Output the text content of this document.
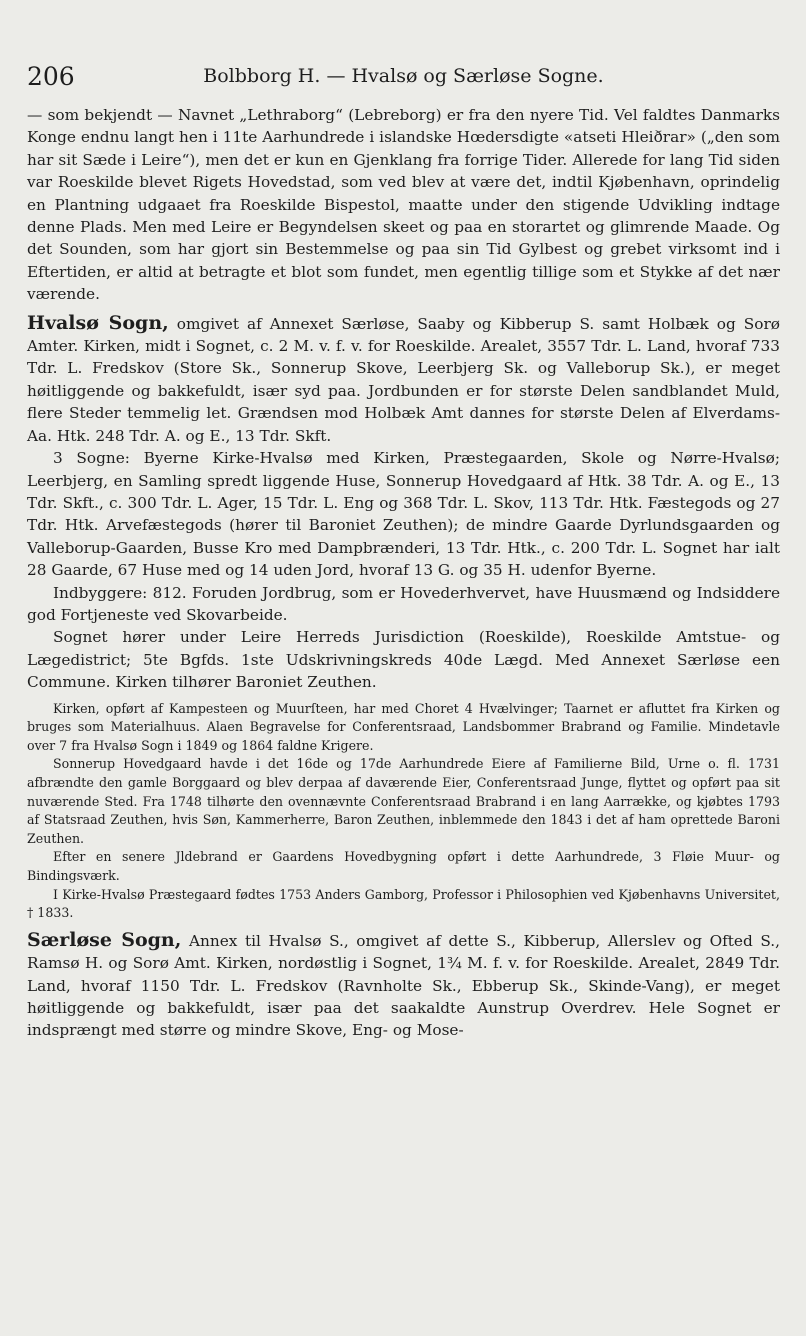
206	Bolbborg H. — Hvalsø og Særløse Sogne.

— som bekjendt — Navnet „Lethraborg“ (Lebreborg) er fra den nyere Tid. Vel faldtes Danmarks Konge endnu langt hen i 11te Aarhundrede i islandske Hœdersdigte «atseti Hleiðrar» („den som har sit Sæde i Leire“), men det er kun en Gjenklang fra forrige Tider. Allerede for lang Tid siden var Roeskilde blevet Rigets Hovedstad, som ved blev at være det, indtil Kjøbenhavn, oprindelig en Plantning udgaaet fra Roeskilde Bispestol, maatte under den stigende Udvikling indtage denne Plads. Men med Leire er Begyndelsen skeet og paa en storartet og glimrende Maade. Og det Sounden, som har gjort sin Bestemmelse og paa sin Tid Gylbest og grebet virksomt ind i Eftertiden, er altid at betragte et blot som fundet, men egentlig tillige som et Stykke af det nær værende.

Hvalsø Sogn, omgivet af Annexet Særløse, Saaby og Kibberup S. samt Holbæk og Sorø Amter. Kirken, midt i Sognet, c. 2 M. v. f. v. for Roeskilde. Arealet, 3557 Tdr. L. Land, hvoraf 733 Tdr. L. Fredskov (Store Sk., Sonnerup Skove, Leerbjerg Sk. og Valleborup Sk.), er meget høitliggende og bakkefuldt, især syd paa. Jordbunden er for største Delen sandblandet Muld, flere Steder temmelig let. Grændsen mod Holbæk Amt dannes for største Delen af Elverdams-Aa. Htk. 248 Tdr. A. og E., 13 Tdr. Skft.

3 Sogne: Byerne Kirke-Hvalsø med Kirken, Præstegaarden, Skole og Nørre-Hvalsø; Leerbjerg, en Samling spredt liggende Huse, Sonnerup Hovedgaard af Htk. 38 Tdr. A. og E., 13 Tdr. Skft., c. 300 Tdr. L. Ager, 15 Tdr. L. Eng og 368 Tdr. L. Skov, 113 Tdr. Htk. Fæstegods og 27 Tdr. Htk. Arvefæstegods (hører til Baroniet Zeuthen); de mindre Gaarde Dyrlundsgaarden og Valleborup-Gaarden, Busse Kro med Dampbrænderi, 13 Tdr. Htk., c. 200 Tdr. L. Sognet har ialt 28 Gaarde, 67 Huse med og 14 uden Jord, hvoraf 13 G. og 35 H. udenfor Byerne.

Indbyggere: 812. Foruden Jordbrug, som er Hovederhvervet, have Huusmænd og Indsiddere god Fortjeneste ved Skovarbeide.

Sognet hører under Leire Herreds Jurisdiction (Roeskilde), Roeskilde Amtstue- og Lægedistrict; 5te Bgfds. 1ste Udskrivningskreds 40de Lægd. Med Annexet Særløse een Commune. Kirken tilhører Baroniet Zeuthen.

Kirken, opført af Kampesteen og Muurſteen, har med Choret 4 Hvælvinger; Taarnet er afluttet fra Kirken og bruges som Materialhuus. Alaen Begravelse for Conferentsraad, Landsbommer Brabrand og Familie. Mindetavle over 7 fra Hvalsø Sogn i 1849 og 1864 faldne Krigere.

Sonnerup Hovedgaard havde i det 16de og 17de Aarhundrede Eiere af Familierne Bild, Urne o. fl. 1731 afbrændte den gamle Borggaard og blev derpaa af daværende Eier, Conferentsraad Junge, flyttet og opført paa sit nuværende Sted. Fra 1748 tilhørte den ovennævnte Conferentsraad Brabrand i en lang Aarrække, og kjøbtes 1793 af Statsraad Zeuthen, hvis Søn, Kammerherre, Baron Zeuthen, inblemmede den 1843 i det af ham oprettede Baroni Zeuthen.

Efter en senere Jldebrand er Gaardens Hovedbygning opført i dette Aarhundrede, 3 Fløie Muur- og Bindingsværk.

I Kirke-Hvalsø Præstegaard fødtes 1753 Anders Gamborg, Professor i Philosophien ved Kjøbenhavns Universitet, † 1833.

Særløse Sogn, Annex til Hvalsø S., omgivet af dette S., Kibberup, Allerslev og Ofted S., Ramsø H. og Sorø Amt. Kirken, nordøstlig i Sognet, 1¾ M. f. v. for Roeskilde. Arealet, 2849 Tdr. Land, hvoraf 1150 Tdr. L. Fredskov (Ravnholte Sk., Ebberup Sk., Skinde-Vang), er meget høitliggende og bakkefuldt, især paa det saakaldte Aunstrup Overdrev. Hele Sognet er indsprængt med større og mindre Skove, Eng- og Mose-
